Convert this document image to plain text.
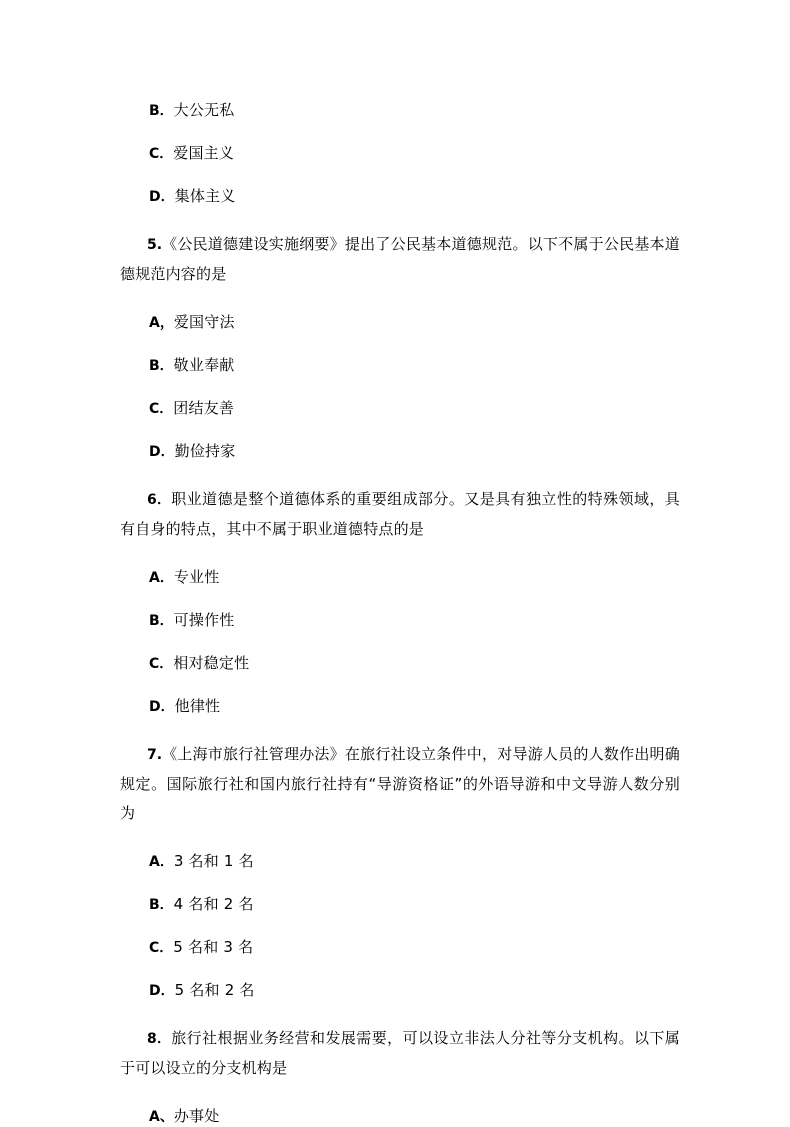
B．大公无私

C．爱国主义

D．集体主义

5.《公民道德建设实施纲要》提出了公民基本道德规范。以下不属于公民基本道德规范内容的是

A，爱国守法

B．敬业奉献

C．团结友善

D．勤俭持家

6．职业道德是整个道德体系的重要组成部分。又是具有独立性的特殊领域，具有自身的特点，其中不属于职业道德特点的是

A．专业性

B．可操作性

C．相对稳定性

D．他律性

7.《上海市旅行社管理办法》在旅行社设立条件中，对导游人员的人数作出明确规定。国际旅行社和国内旅行社持有“导游资格证”的外语导游和中文导游人数分别为

A．3 名和 1 名

B．4 名和 2 名

C．5 名和 3 名

D．5 名和 2 名

8．旅行社根据业务经营和发展需要，可以设立非法人分社等分支机构。以下属于可以设立的分支机构是

A、办事处
